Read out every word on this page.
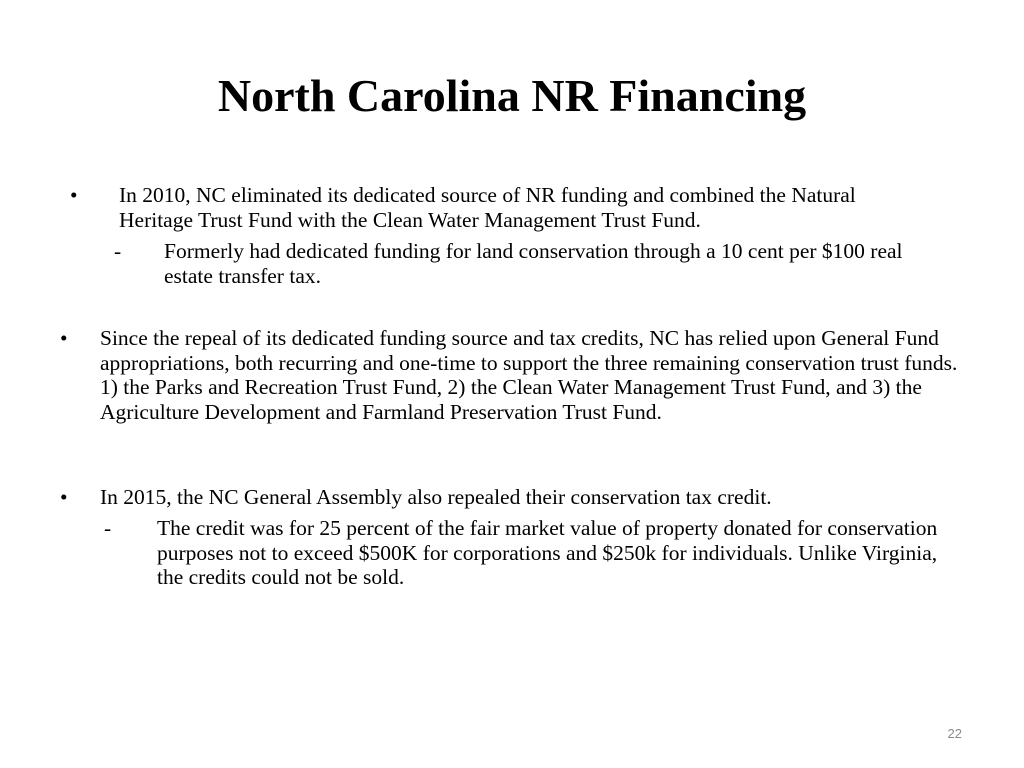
North Carolina NR Financing
•	In 2010, NC eliminated its dedicated source of NR funding and combined the Natural Heritage Trust Fund with the Clean Water Management Trust Fund.
-	Formerly had dedicated funding for land conservation through a 10 cent per $100 real estate transfer tax.
•	Since the repeal of its dedicated funding source and tax credits, NC has relied upon General Fund appropriations, both recurring and one-time to support the three remaining conservation trust funds. 1) the Parks and Recreation Trust Fund, 2) the Clean Water Management Trust Fund, and 3) the Agriculture Development and Farmland Preservation Trust Fund.
•	In 2015, the NC General Assembly also repealed their conservation tax credit.
-	The credit was for 25 percent of the fair market value of property donated for conservation purposes not to exceed $500K for corporations and $250k for individuals. Unlike Virginia, the credits could not be sold.
22
